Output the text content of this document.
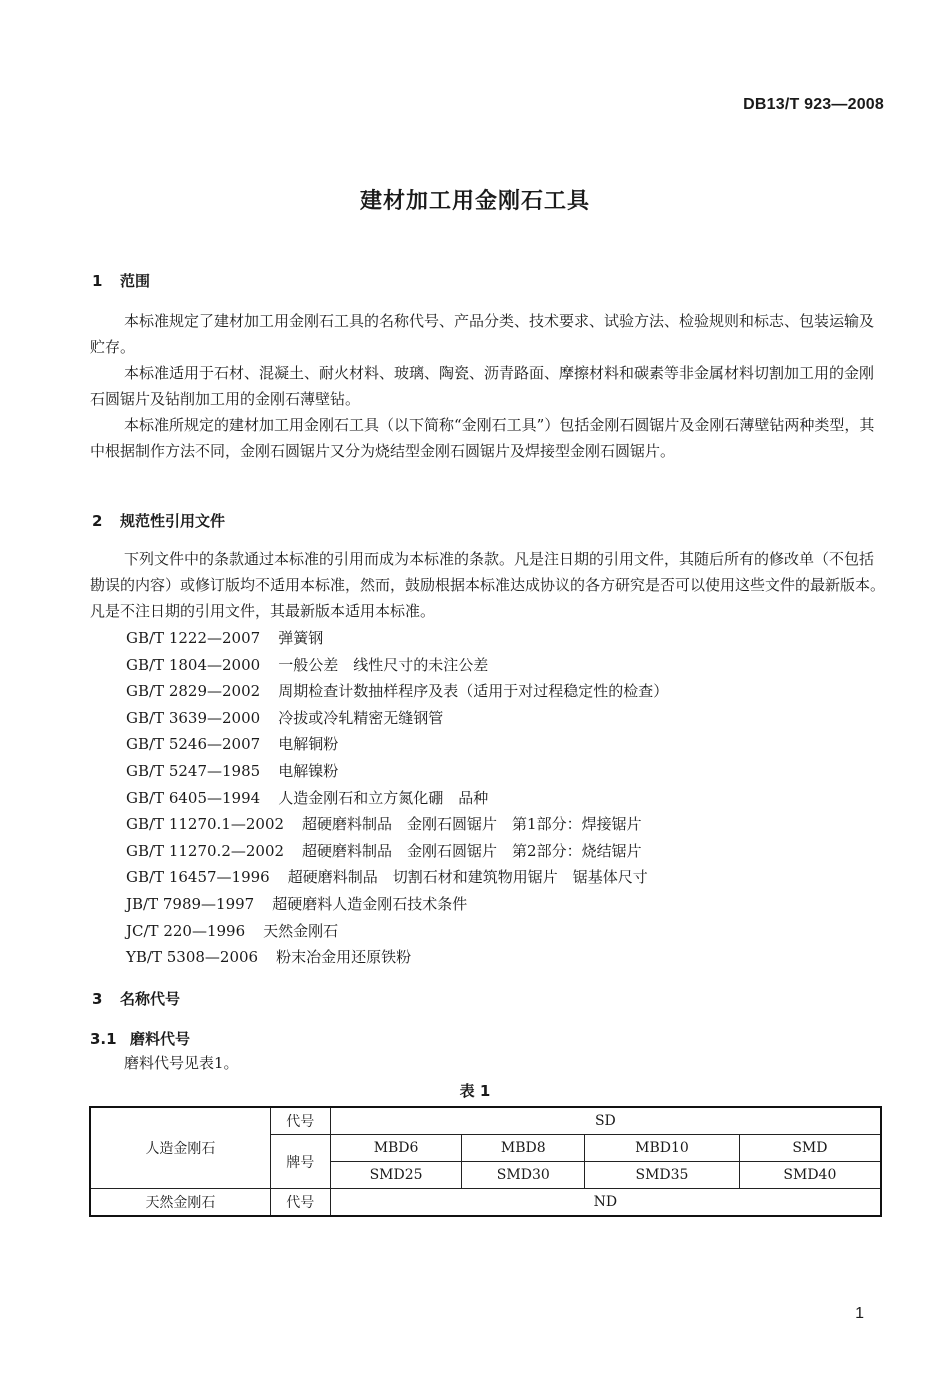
DB13/T 923—2008
建材加工用金刚石工具
1 范围
本标准规定了建材加工用金刚石工具的名称代号、产品分类、技术要求、试验方法、检验规则和标志、包装运输及贮存。
本标准适用于石材、混凝土、耐火材料、玻璃、陶瓷、沥青路面、摩擦材料和碳素等非金属材料切割加工用的金刚石圆锯片及钻削加工用的金刚石薄壁钻。
本标准所规定的建材加工用金刚石工具（以下简称“金刚石工具”）包括金刚石圆锯片及金刚石薄壁钻两种类型，其中根据制作方法不同，金刚石圆锯片又分为烧结型金刚石圆锯片及焊接型金刚石圆锯片。
2 规范性引用文件
下列文件中的条款通过本标准的引用而成为本标准的条款。凡是注日期的引用文件，其随后所有的修改单（不包括勘误的内容）或修订版均不适用本标准，然而，鼓励根据本标准达成协议的各方研究是否可以使用这些文件的最新版本。凡是不注日期的引用文件，其最新版本适用本标准。
GB/T 1222—2007 弹簧钢
GB/T 1804—2000 一般公差　线性尺寸的未注公差
GB/T 2829—2002 周期检查计数抽样程序及表（适用于对过程稳定性的检查）
GB/T 3639—2000 冷拔或冷轧精密无缝钢管
GB/T 5246—2007 电解铜粉
GB/T 5247—1985 电解镍粉
GB/T 6405—1994 人造金刚石和立方氮化硼　品种
GB/T 11270.1—2002 超硬磨料制品　金刚石圆锯片　第1部分：焊接锯片
GB/T 11270.2—2002 超硬磨料制品　金刚石圆锯片　第2部分：烧结锯片
GB/T 16457—1996 超硬磨料制品　切割石材和建筑物用锯片　锯基体尺寸
JB/T 7989—1997 超硬磨料人造金刚石技术条件
JC/T 220—1996 天然金刚石
YB/T 5308—2006 粉末冶金用还原铁粉
3 名称代号
3.1 磨料代号
磨料代号见表1。
表 1
人造金刚石	代号	SD			
	牌号	MBD6	MBD8	MBD10	SMD
		SMD25	SMD30	SMD35	SMD40
天然金刚石	代号	ND			
1
